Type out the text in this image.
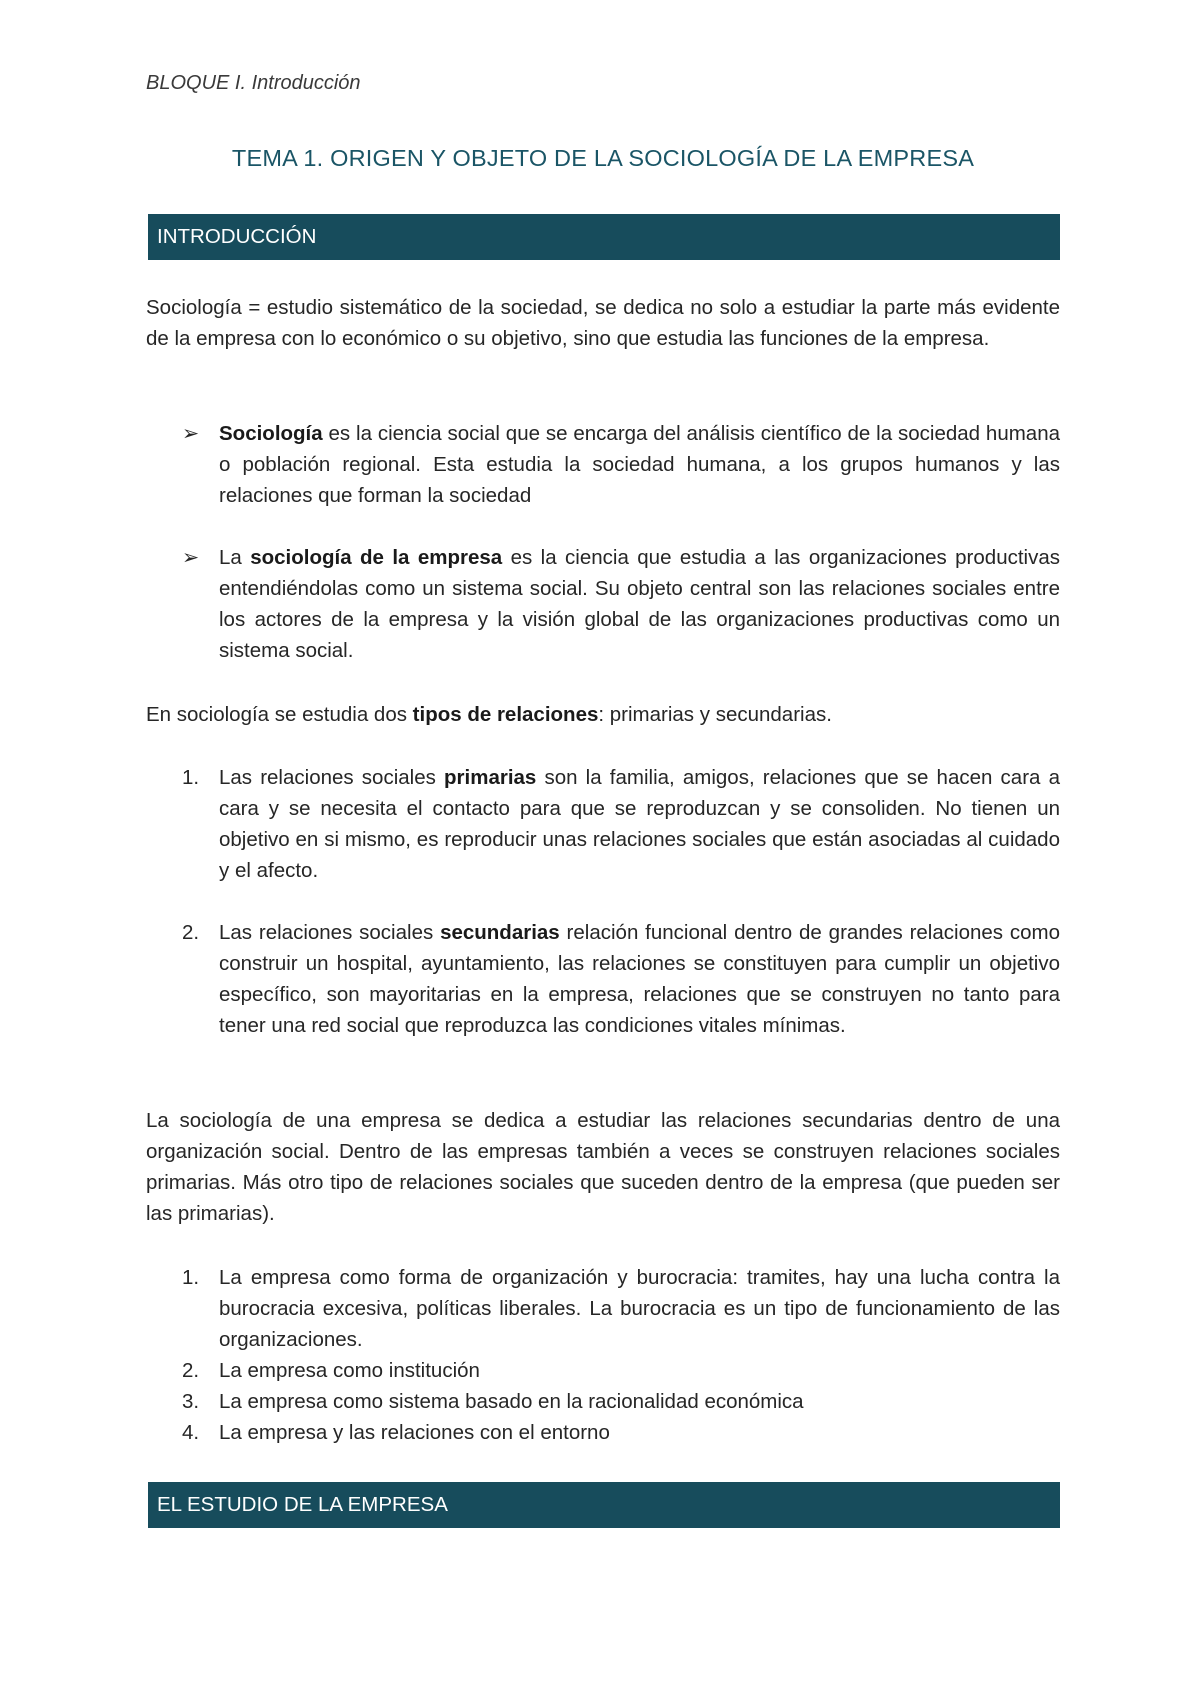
BLOQUE I. Introducción
TEMA 1. ORIGEN Y OBJETO DE LA SOCIOLOGÍA DE LA EMPRESA
INTRODUCCIÓN

Sociología = estudio sistemático de la sociedad, se dedica no solo a estudiar la parte más evidente de la empresa con lo económico o su objetivo, sino que estudia las funciones de la empresa.

➢ Sociología es la ciencia social que se encarga del análisis científico de la sociedad humana o población regional. Esta estudia la sociedad humana, a los grupos humanos y las relaciones que forman la sociedad
➢ La sociología de la empresa es la ciencia que estudia a las organizaciones productivas entendiéndolas como un sistema social. Su objeto central son las relaciones sociales entre los actores de la empresa y la visión global de las organizaciones productivas como un sistema social.

En sociología se estudia dos tipos de relaciones: primarias y secundarias.

1. Las relaciones sociales primarias son la familia, amigos, relaciones que se hacen cara a cara y se necesita el contacto para que se reproduzcan y se consoliden. No tienen un objetivo en si mismo, es reproducir unas relaciones sociales que están asociadas al cuidado y el afecto.
2. Las relaciones sociales secundarias relación funcional dentro de grandes relaciones como construir un hospital, ayuntamiento, las relaciones se constituyen para cumplir un objetivo específico, son mayoritarias en la empresa, relaciones que se construyen no tanto para tener una red social que reproduzca las condiciones vitales mínimas.

La sociología de una empresa se dedica a estudiar las relaciones secundarias dentro de una organización social. Dentro de las empresas también a veces se construyen relaciones sociales primarias. Más otro tipo de relaciones sociales que suceden dentro de la empresa (que pueden ser las primarias).

1. La empresa como forma de organización y burocracia: tramites, hay una lucha contra la burocracia excesiva, políticas liberales. La burocracia es un tipo de funcionamiento de las organizaciones.
2. La empresa como institución
3. La empresa como sistema basado en la racionalidad económica
4. La empresa y las relaciones con el entorno
EL ESTUDIO DE LA EMPRESA
